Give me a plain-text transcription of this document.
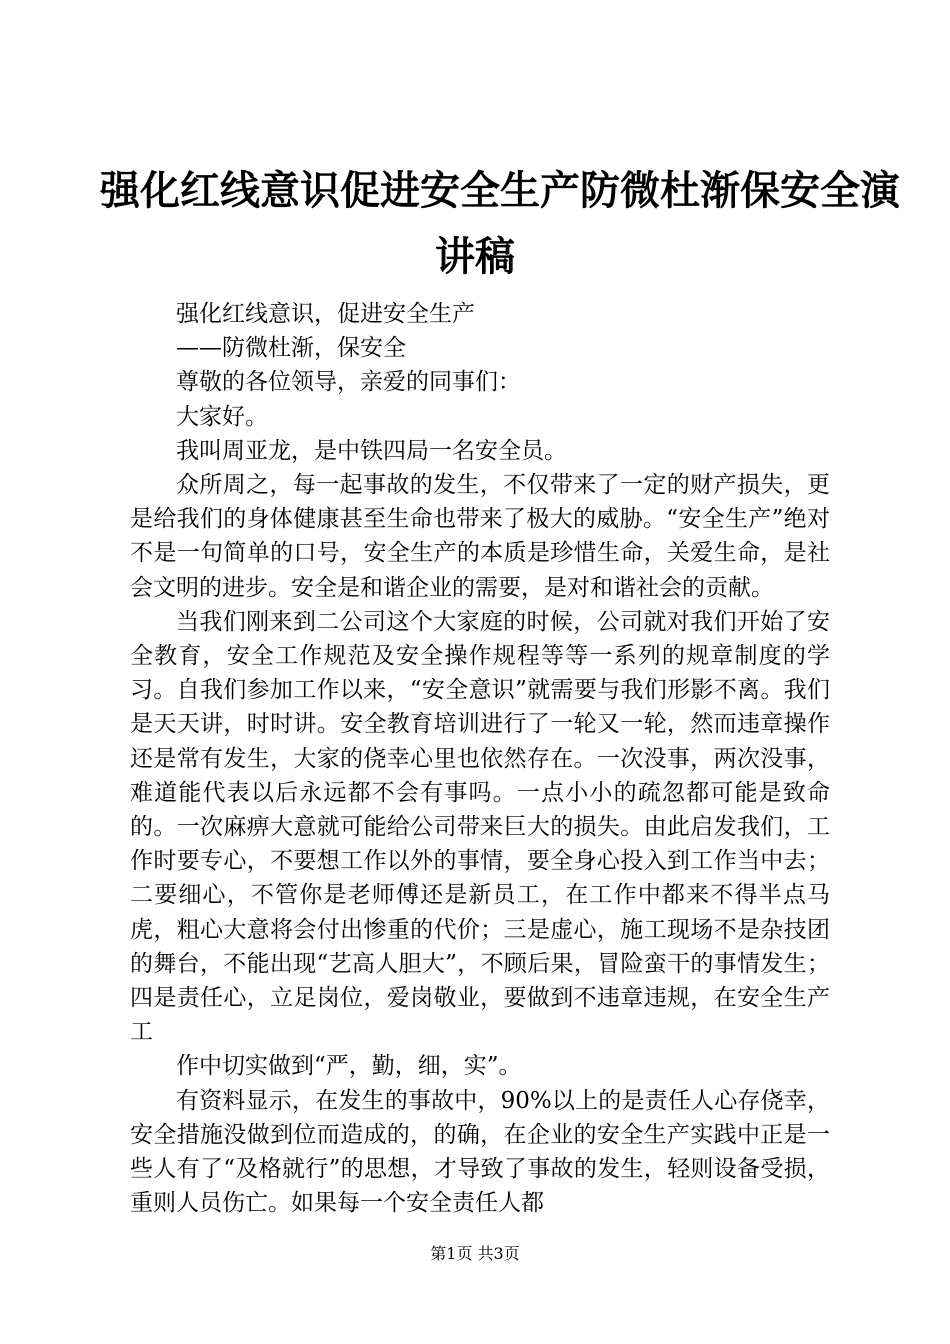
强化红线意识促进安全生产防微杜渐保安全演
讲稿

强化红线意识，促进安全生产

——防微杜渐，保安全

尊敬的各位领导，亲爱的同事们：

大家好。

我叫周亚龙，是中铁四局一名安全员。

众所周之，每一起事故的发生，不仅带来了一定的财产损失，更是给我们的身体健康甚至生命也带来了极大的威胁。“安全生产”绝对不是一句简单的口号，安全生产的本质是珍惜生命，关爱生命，是社会文明的进步。安全是和谐企业的需要，是对和谐社会的贡献。

当我们刚来到二公司这个大家庭的时候，公司就对我们开始了安全教育，安全工作规范及安全操作规程等等一系列的规章制度的学习。自我们参加工作以来，“安全意识”就需要与我们形影不离。我们是天天讲，时时讲。安全教育培训进行了一轮又一轮，然而违章操作还是常有发生，大家的侥幸心里也依然存在。一次没事，两次没事，难道能代表以后永远都不会有事吗。一点小小的疏忽都可能是致命的。一次麻痹大意就可能给公司带来巨大的损失。由此启发我们，工作时要专心，不要想工作以外的事情，要全身心投入到工作当中去；二要细心，不管你是老师傅还是新员工，在工作中都来不得半点马虎，粗心大意将会付出惨重的代价；三是虚心，施工现场不是杂技团的舞台，不能出现“艺高人胆大”，不顾后果，冒险蛮干的事情发生；四是责任心，立足岗位，爱岗敬业，要做到不违章违规，在安全生产工

作中切实做到“严，勤，细，实”。

有资料显示，在发生的事故中，90%以上的是责任人心存侥幸，安全措施没做到位而造成的，的确，在企业的安全生产实践中正是一些人有了“及格就行”的思想，才导致了事故的发生，轻则设备受损，重则人员伤亡。如果每一个安全责任人都

第1页 共3页
